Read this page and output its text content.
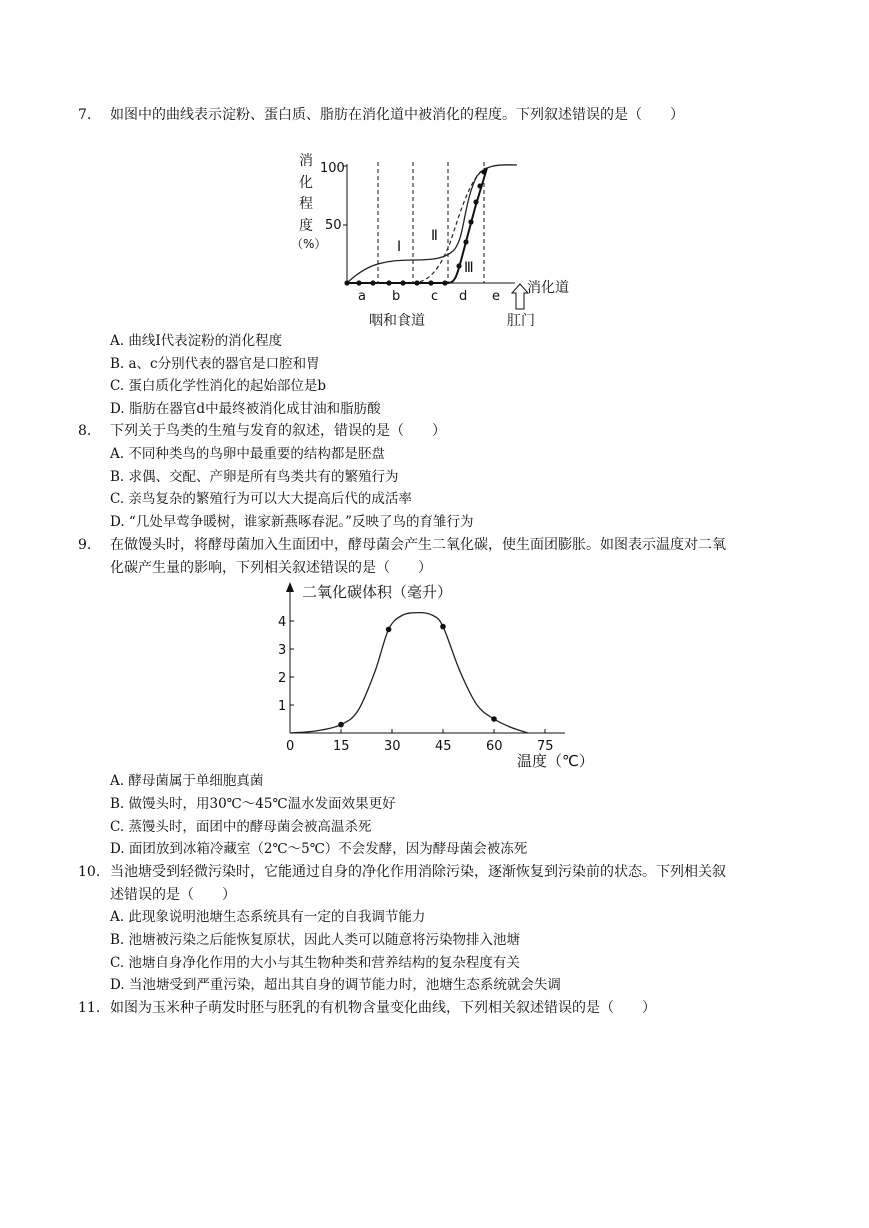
7. 如图中的曲线表示淀粉、蛋白质、脂肪在消化道中被消化的程度。下列叙述错误的是（　　）
消
化
程
度
（%）
100
50
Ⅰ
Ⅱ
Ⅲ
a b c d e
消化道
咽和食道	肛门
A. 曲线Ⅰ代表淀粉的消化程度
B. a、c分别代表的器官是口腔和胃
C. 蛋白质化学性消化的起始部位是b
D. 脂肪在器官d中最终被消化成甘油和脂肪酸
8. 下列关于鸟类的生殖与发育的叙述，错误的是（　　）
A. 不同种类鸟的鸟卵中最重要的结构都是胚盘
B. 求偶、交配、产卵是所有鸟类共有的繁殖行为
C. 亲鸟复杂的繁殖行为可以大大提高后代的成活率
D. “几处早莺争暖树，谁家新燕啄春泥。”反映了鸟的育雏行为
9. 在做馒头时，将酵母菌加入生面团中，酵母菌会产生二氧化碳，使生面团膨胀。如图表示温度对二氧
化碳产生量的影响，下列相关叙述错误的是（　　）
二氧化碳体积（毫升）
1
2
3
4
0	15	30	45	60	75
温度（℃）
A. 酵母菌属于单细胞真菌
B. 做馒头时，用30℃～45℃温水发面效果更好
C. 蒸馒头时，面团中的酵母菌会被高温杀死
D. 面团放到冰箱冷藏室（2℃～5℃）不会发酵，因为酵母菌会被冻死
10. 当池塘受到轻微污染时，它能通过自身的净化作用消除污染，逐渐恢复到污染前的状态。下列相关叙
述错误的是（　　）
A. 此现象说明池塘生态系统具有一定的自我调节能力
B. 池塘被污染之后能恢复原状，因此人类可以随意将污染物排入池塘
C. 池塘自身净化作用的大小与其生物种类和营养结构的复杂程度有关
D. 当池塘受到严重污染，超出其自身的调节能力时，池塘生态系统就会失调
11. 如图为玉米种子萌发时胚与胚乳的有机物含量变化曲线，下列相关叙述错误的是（　　）
